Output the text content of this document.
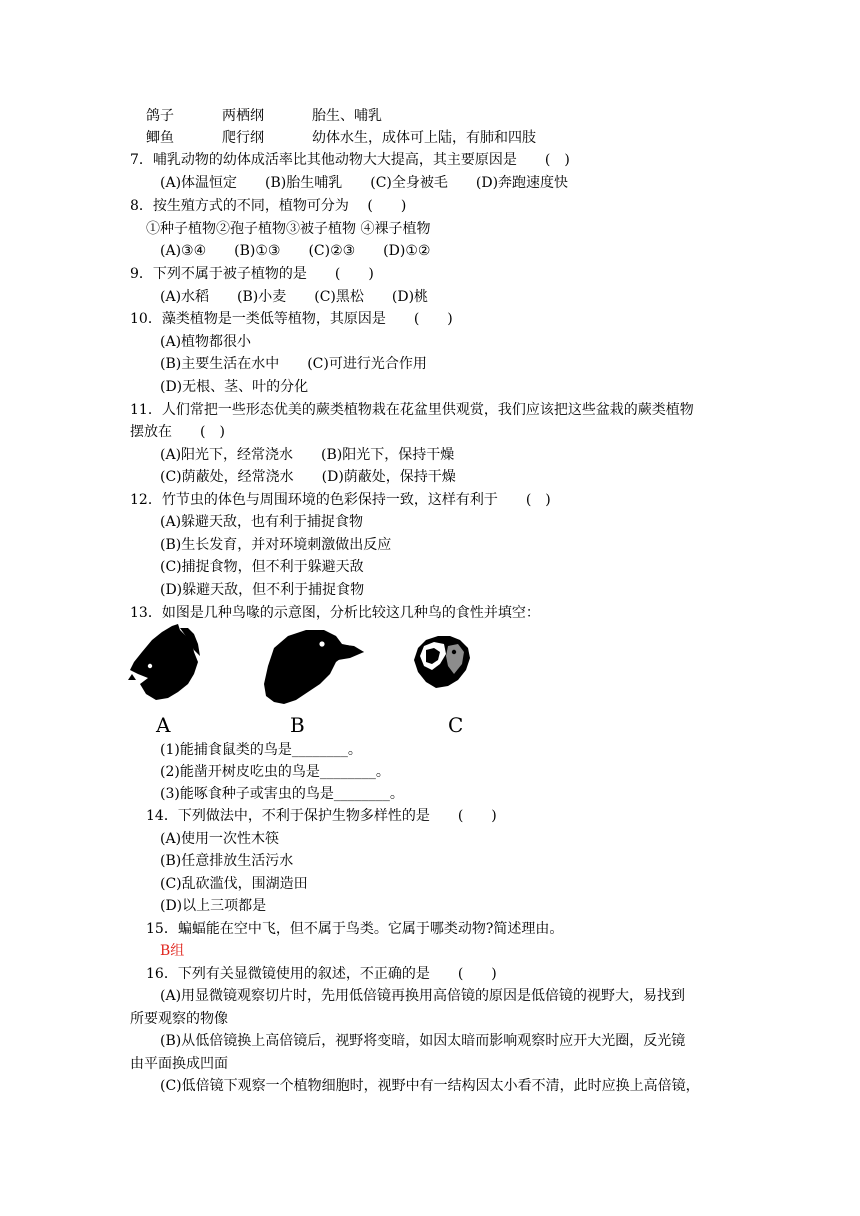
鸽子	两栖纲	胎生、哺乳
鲫鱼	爬行纲	幼体水生，成体可上陆，有肺和四肢
7．哺乳动物的幼体成活率比其他动物大大提高，其主要原因是　　(　)
(A)体温恒定　　(B)胎生哺乳　　(C)全身被毛　　(D)奔跑速度快
8．按生殖方式的不同，植物可分为　 (　　)
①种子植物②孢子植物③被子植物 ④裸子植物
(A)③④　　(B)①③　　(C)②③　　(D)①②
9．下列不属于被子植物的是　　(　　)
(A)水稻　　(B)小麦　　(C)黑松　　(D)桃
10．藻类植物是一类低等植物，其原因是　　(　　)
(A)植物都很小
(B)主要生活在水中　　(C)可进行光合作用
(D)无根、茎、叶的分化
11．人们常把一些形态优美的蕨类植物栽在花盆里供观赏，我们应该把这些盆栽的蕨类植物
摆放在　　(　)
(A)阳光下，经常浇水　　(B)阳光下，保持干燥
(C)荫蔽处，经常浇水　　(D)荫蔽处，保持干燥
12．竹节虫的体色与周围环境的色彩保持一致，这样有利于　　(　)
(A)躲避天敌，也有利于捕捉食物
(B)生长发育，并对环境刺激做出反应
(C)捕捉食物，但不利于躲避天敌
(D)躲避天敌，但不利于捕捉食物
13．如图是几种鸟喙的示意图，分析比较这几种鸟的食性并填空：
A	B	C
(1)能捕食鼠类的鸟是________。
(2)能凿开树皮吃虫的鸟是________。
(3)能啄食种子或害虫的鸟是________。
14．下列做法中，不利于保护生物多样性的是　　(　　)
(A)使用一次性木筷
(B)任意排放生活污水
(C)乱砍滥伐，围湖造田
(D)以上三项都是
15．蝙蝠能在空中飞，但不属于鸟类。它属于哪类动物?简述理由。
B组
16．下列有关显微镜使用的叙述，不正确的是　　(　　)
(A)用显微镜观察切片时，先用低倍镜再换用高倍镜的原因是低倍镜的视野大，易找到
所要观察的物像
(B)从低倍镜换上高倍镜后，视野将变暗，如因太暗而影响观察时应开大光圈，反光镜
由平面换成凹面
(C)低倍镜下观察一个植物细胞时，视野中有一结构因太小看不清，此时应换上高倍镜，
